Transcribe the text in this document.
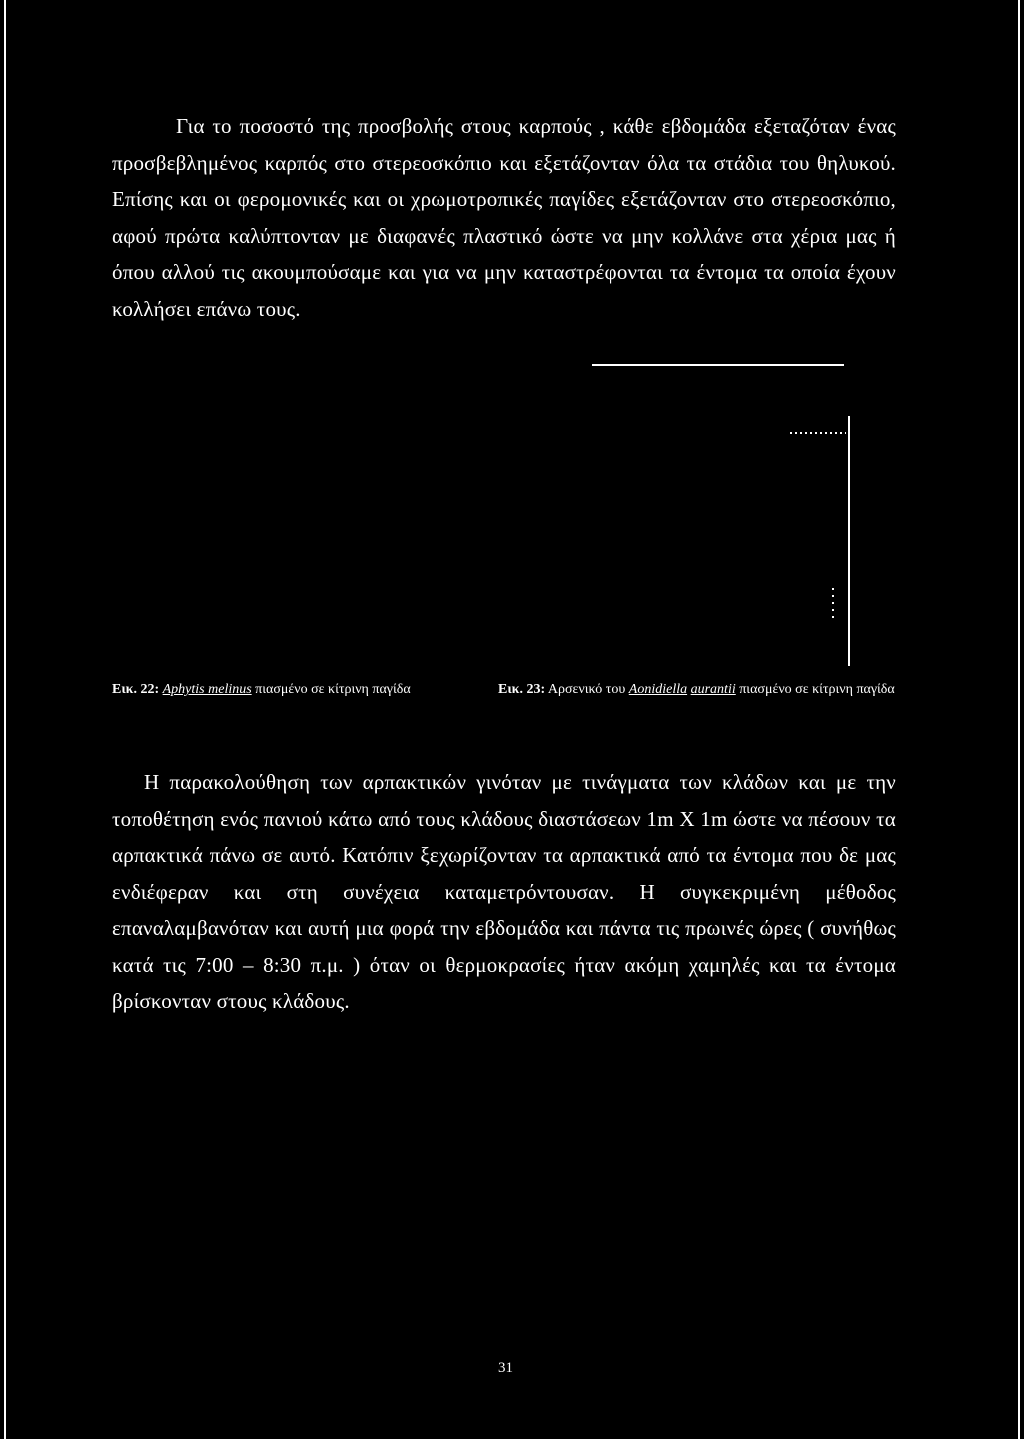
Για το ποσοστό της προσβολής στους καρπούς , κάθε εβδομάδα εξεταζόταν ένας προσβεβλημένος καρπός στο στερεοσκόπιο και εξετάζονταν όλα τα στάδια του θηλυκού. Επίσης και οι φερομονικές και οι χρωμοτροπικές παγίδες εξετάζονταν στο στερεοσκόπιο, αφού πρώτα καλύπτονταν με διαφανές πλαστικό ώστε να μην κολλάνε στα χέρια μας ή όπου αλλού τις ακουμπούσαμε και για να μην καταστρέφονται τα έντομα τα οποία έχουν κολλήσει επάνω τους.

Εικ. 22: Aphytis melinus πιασμένο σε κίτρινη παγίδα	Εικ. 23: Αρσενικό του Aonidiella aurantii πιασμένο σε κίτρινη παγίδα

Η παρακολούθηση των αρπακτικών γινόταν με τινάγματα των κλάδων και με την τοποθέτηση ενός πανιού κάτω από τους κλάδους διαστάσεων 1m X 1m ώστε να πέσουν τα αρπακτικά πάνω σε αυτό. Κατόπιν ξεχωρίζονταν τα αρπακτικά από τα έντομα που δε μας ενδιέφεραν και στη συνέχεια καταμετρόντουσαν. Η συγκεκριμένη μέθοδος επαναλαμβανόταν και αυτή μια φορά την εβδομάδα και πάντα τις πρωινές ώρες ( συνήθως κατά τις 7:00 – 8:30 π.μ. ) όταν οι θερμοκρασίες ήταν ακόμη χαμηλές και τα έντομα βρίσκονταν στους κλάδους.

31
